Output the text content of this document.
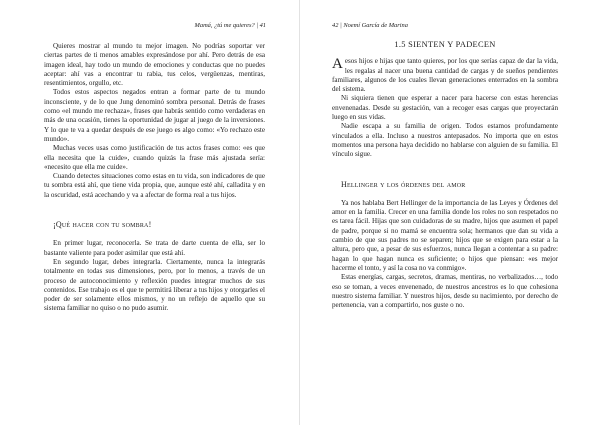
Mamá, ¿tú me quieres? | 41

Quieres mostrar al mundo tu mejor imagen. No podrías soportar ver ciertas partes de ti menos amables expresándose por ahí. Pero detrás de esa imagen ideal, hay todo un mundo de emociones y conductas que no puedes aceptar: ahí vas a encontrar tu rabia, tus celos, vergüenzas, mentiras, resentimientos, orgullo, etc.

Todos estos aspectos negados entran a formar parte de tu mundo inconsciente, y de lo que Jung denominó sombra personal. Detrás de frases como «el mundo me rechaza», frases que habrás sentido como verdaderas en más de una ocasión, tienes la oportunidad de jugar al juego de la inversiones. Y lo que te va a quedar después de ese juego es algo como: «Yo rechazo este mundo».

Muchas veces usas como justificación de tus actos frases como: «es que ella necesita que la cuide», cuando quizás la frase más ajustada sería: «necesito que ella me cuide».

Cuando detectes situaciones como estas en tu vida, son indicadores de que tu sombra está ahí, que tiene vida propia, que, aunque esté ahí, calladita y en la oscuridad, está acechando y va a afectar de forma real a tus hijos.

¡Qué hacer con tu sombra!

En primer lugar, reconocerla. Se trata de darte cuenta de ella, ser lo bastante valiente para poder asimilar que está ahí.

En segundo lugar, debes integrarla. Ciertamente, nunca la integrarás totalmente en todas sus dimensiones, pero, por lo menos, a través de un proceso de autoconocimiento y reflexión puedes integrar muchos de sus contenidos. Ese trabajo es el que te permitirá liberar a tus hijos y otorgarles el poder de ser solamente ellos mismos, y no un reflejo de aquello que su sistema familiar no quiso o no pudo asumir.

42 | Noemí García de Marina
1.5 SIENTEN Y PADECEN

Aesos hijos e hijas que tanto quieres, por los que serías capaz de dar la vida, les regalas al nacer una buena cantidad de cargas y de sueños pendientes familiares, algunos de los cuales llevan generaciones enterrados en la sombra del sistema.

Ni siquiera tienen que esperar a nacer para hacerse con estas herencias envenenadas. Desde su gestación, van a recoger esas cargas que proyectarán luego en sus vidas.

Nadie escapa a su familia de origen. Todos estamos profundamente vinculados a ella. Incluso a nuestros antepasados. No importa que en estos momentos una persona haya decidido no hablarse con alguien de su familia. El vínculo sigue.

Hellinger y los órdenes del amor

Ya nos hablaba Bert Hellinger de la importancia de las Leyes y Órdenes del amor en la familia. Crecer en una familia donde los roles no son respetados no es tarea fácil. Hijas que son cuidadoras de su madre, hijos que asumen el papel de padre, porque si no mamá se encuentra sola; hermanos que dan su vida a cambio de que sus padres no se separen; hijos que se exigen para estar a la altura, pero que, a pesar de sus esfuerzos, nunca llegan a contentar a su padre: hagan lo que hagan nunca es suficiente; o hijos que piensan: «es mejor hacerme el tonto, y así la cosa no va conmigo».

Estas energías, cargas, secretos, dramas, mentiras, no verbalizados…, todo eso se toman, a veces envenenado, de nuestros ancestros es lo que cohesiona nuestro sistema familiar. Y nuestros hijos, desde su nacimiento, por derecho de pertenencia, van a compartirlo, nos guste o no.
